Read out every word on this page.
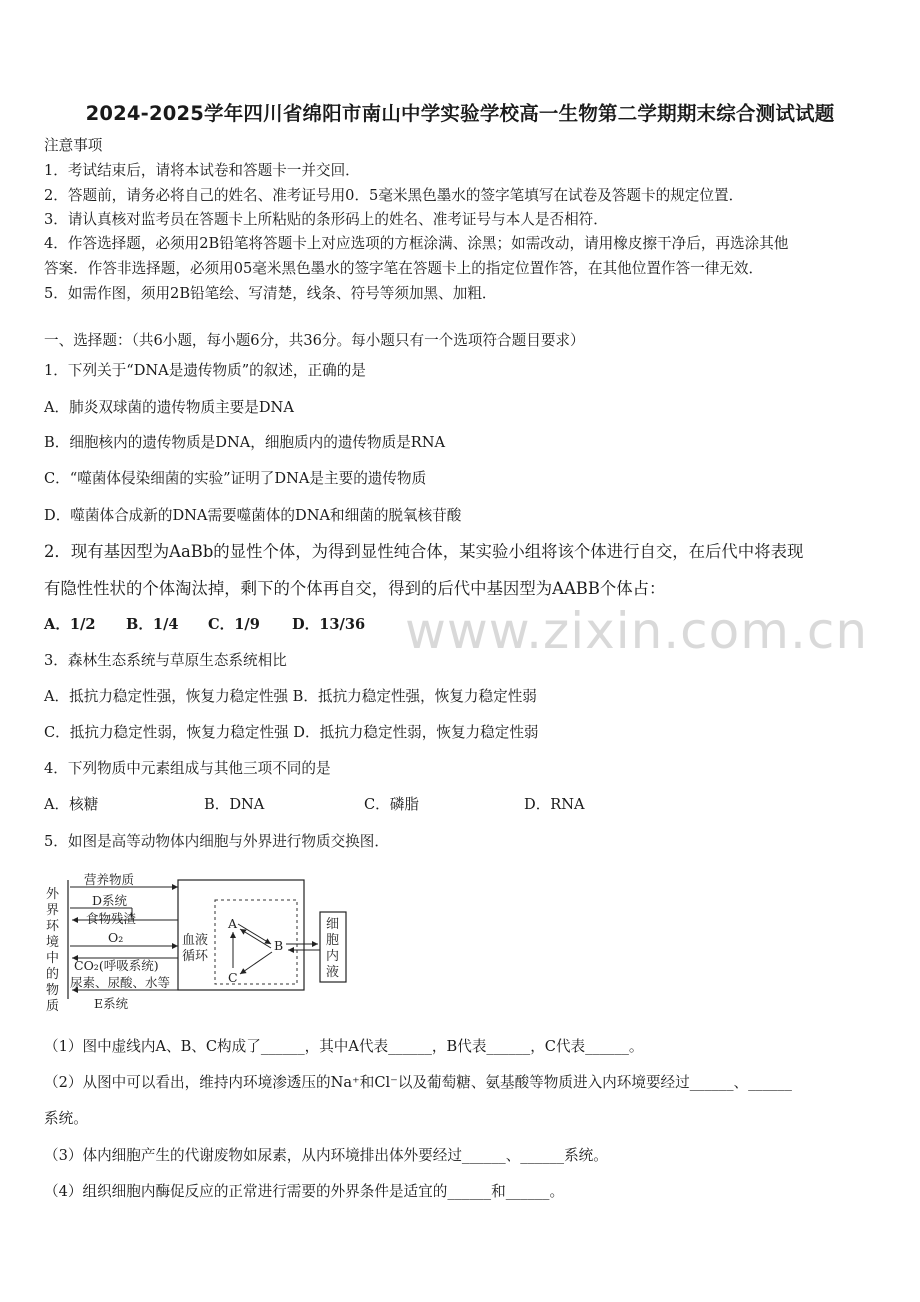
2024-2025学年四川省绵阳市南山中学实验学校高一生物第二学期期末综合测试试题
注意事项
1．考试结束后，请将本试卷和答题卡一并交回．
2．答题前，请务必将自己的姓名、准考证号用0．5毫米黑色墨水的签字笔填写在试卷及答题卡的规定位置．
3．请认真核对监考员在答题卡上所粘贴的条形码上的姓名、准考证号与本人是否相符．
4．作答选择题，必须用2B铅笔将答题卡上对应选项的方框涂满、涂黑；如需改动，请用橡皮擦干净后，再选涂其他
答案．作答非选择题，必须用05毫米黑色墨水的签字笔在答题卡上的指定位置作答，在其他位置作答一律无效．
5．如需作图，须用2B铅笔绘、写清楚，线条、符号等须加黑、加粗．
一、选择题：（共6小题，每小题6分，共36分。每小题只有一个选项符合题目要求）
1．下列关于“DNA是遗传物质”的叙述，正确的是
A．肺炎双球菌的遗传物质主要是DNA
B．细胞核内的遗传物质是DNA，细胞质内的遗传物质是RNA
C．“噬菌体侵染细菌的实验”证明了DNA是主要的遗传物质
D．噬菌体合成新的DNA需要噬菌体的DNA和细菌的脱氧核苷酸
2．现有基因型为AaBb的显性个体，为得到显性纯合体，某实验小组将该个体进行自交，在后代中将表现
有隐性性状的个体淘汰掉，剩下的个体再自交，得到的后代中基因型为AABB个体占：
A．1/2 B．1/4 C．1/9 D．13/36
3．森林生态系统与草原生态系统相比
A．抵抗力稳定性强，恢复力稳定性强 B．抵抗力稳定性强，恢复力稳定性弱
C．抵抗力稳定性弱，恢复力稳定性强 D．抵抗力稳定性弱，恢复力稳定性弱
4．下列物质中元素组成与其他三项不同的是
A．核糖	B．DNA	C．磷脂	D．RNA
5．如图是高等动物体内细胞与外界进行物质交换图．
外
界
环
境
中
的
物
质
营养物质
D系统
食物残渣
O₂
CO₂(呼吸系统)
尿素、尿酸、水等
E系统
血液
循环
A
B
C
细
胞
内
液
（1）图中虚线内A、B、C构成了______，其中A代表______，B代表______，C代表______。
（2）从图中可以看出，维持内环境渗透压的Na⁺和Cl⁻以及葡萄糖、氨基酸等物质进入内环境要经过______、______
系统。
（3）体内细胞产生的代谢废物如尿素，从内环境排出体外要经过______、______系统。
（4）组织细胞内酶促反应的正常进行需要的外界条件是适宜的______和______。
www.zixin.com.cn
